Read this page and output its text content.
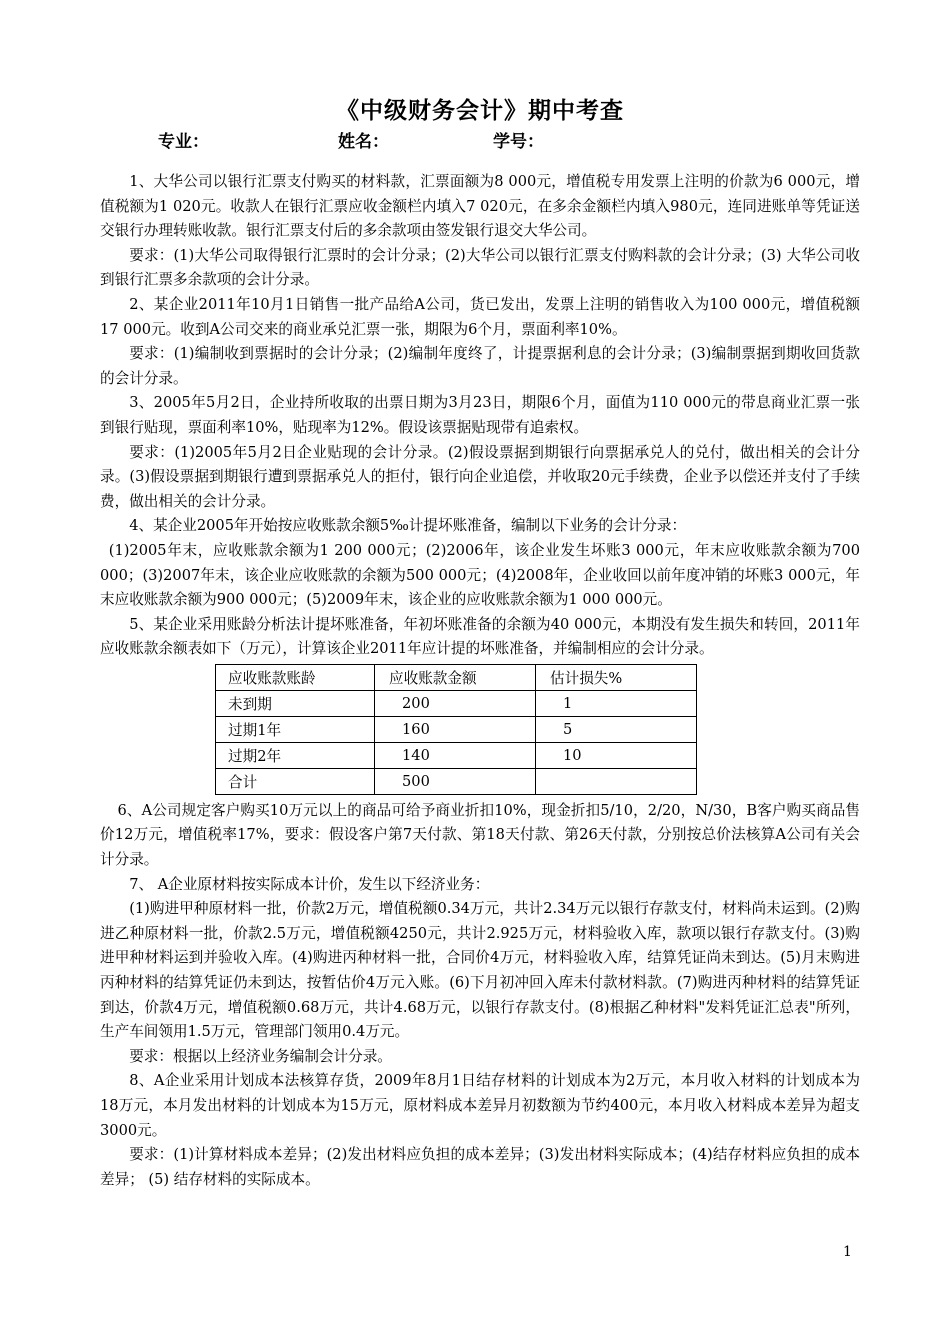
《中级财务会计》期中考查
专业：	姓名：	学号：

1、大华公司以银行汇票支付购买的材料款，汇票面额为8 000元，增值税专用发票上注明的价款为6 000元，增值税额为1 020元。收款人在银行汇票应收金额栏内填入7 020元，在多余金额栏内填入980元，连同进账单等凭证送交银行办理转账收款。银行汇票支付后的多余款项由签发银行退交大华公司。

要求：(1)大华公司取得银行汇票时的会计分录；(2)大华公司以银行汇票支付购料款的会计分录；(3) 大华公司收到银行汇票多余款项的会计分录。

2、某企业2011年10月1日销售一批产品给A公司，货已发出，发票上注明的销售收入为100 000元，增值税额17 000元。收到A公司交来的商业承兑汇票一张，期限为6个月，票面利率10%。

要求：(1)编制收到票据时的会计分录；(2)编制年度终了，计提票据利息的会计分录；(3)编制票据到期收回货款的会计分录。

3、2005年5月2日，企业持所收取的出票日期为3月23日，期限6个月，面值为110 000元的带息商业汇票一张到银行贴现，票面利率10%，贴现率为12%。假设该票据贴现带有追索权。

要求：(1)2005年5月2日企业贴现的会计分录。(2)假设票据到期银行向票据承兑人的兑付，做出相关的会计分录。(3)假设票据到期银行遭到票据承兑人的拒付，银行向企业追偿，并收取20元手续费，企业予以偿还并支付了手续费，做出相关的会计分录。

4、某企业2005年开始按应收账款余额5‰计提坏账准备，编制以下业务的会计分录：

(1)2005年末，应收账款余额为1 200 000元；(2)2006年，该企业发生坏账3 000元，年末应收账款余额为700 000；(3)2007年末，该企业应收账款的余额为500 000元；(4)2008年，企业收回以前年度冲销的坏账3 000元，年末应收账款余额为900 000元；(5)2009年末，该企业的应收账款余额为1 000 000元。

5、某企业采用账龄分析法计提坏账准备，年初坏账准备的余额为40 000元，本期没有发生损失和转回，2011年应收账款余额表如下（万元），计算该企业2011年应计提的坏账准备，并编制相应的会计分录。

应收账款账龄	应收账款金额	估计损失%
未到期	200	1
过期1年	160	5
过期2年	140	10
合计	500	

6、A公司规定客户购买10万元以上的商品可给予商业折扣10%，现金折扣5/10，2/20，N/30，B客户购买商品售价12万元，增值税率17%，要求：假设客户第7天付款、第18天付款、第26天付款，分别按总价法核算A公司有关会计分录。

7、 A企业原材料按实际成本计价，发生以下经济业务：

(1)购进甲种原材料一批，价款2万元，增值税额0.34万元，共计2.34万元以银行存款支付，材料尚未运到。(2)购进乙种原材料一批，价款2.5万元，增值税额4250元，共计2.925万元，材料验收入库，款项以银行存款支付。(3)购进甲种材料运到并验收入库。(4)购进丙种材料一批，合同价4万元，材料验收入库，结算凭证尚未到达。(5)月末购进丙种材料的结算凭证仍未到达，按暂估价4万元入账。(6)下月初冲回入库未付款材料款。(7)购进丙种材料的结算凭证到达，价款4万元，增值税额0.68万元，共计4.68万元，以银行存款支付。(8)根据乙种材料"发料凭证汇总表"所列，生产车间领用1.5万元，管理部门领用0.4万元。

要求：根据以上经济业务编制会计分录。

8、A企业采用计划成本法核算存货，2009年8月1日结存材料的计划成本为2万元，本月收入材料的计划成本为18万元，本月发出材料的计划成本为15万元，原材料成本差异月初数额为节约400元，本月收入材料成本差异为超支3000元。

要求：(1)计算材料成本差异；(2)发出材料应负担的成本差异；(3)发出材料实际成本；(4)结存材料应负担的成本差异； (5) 结存材料的实际成本。

1
